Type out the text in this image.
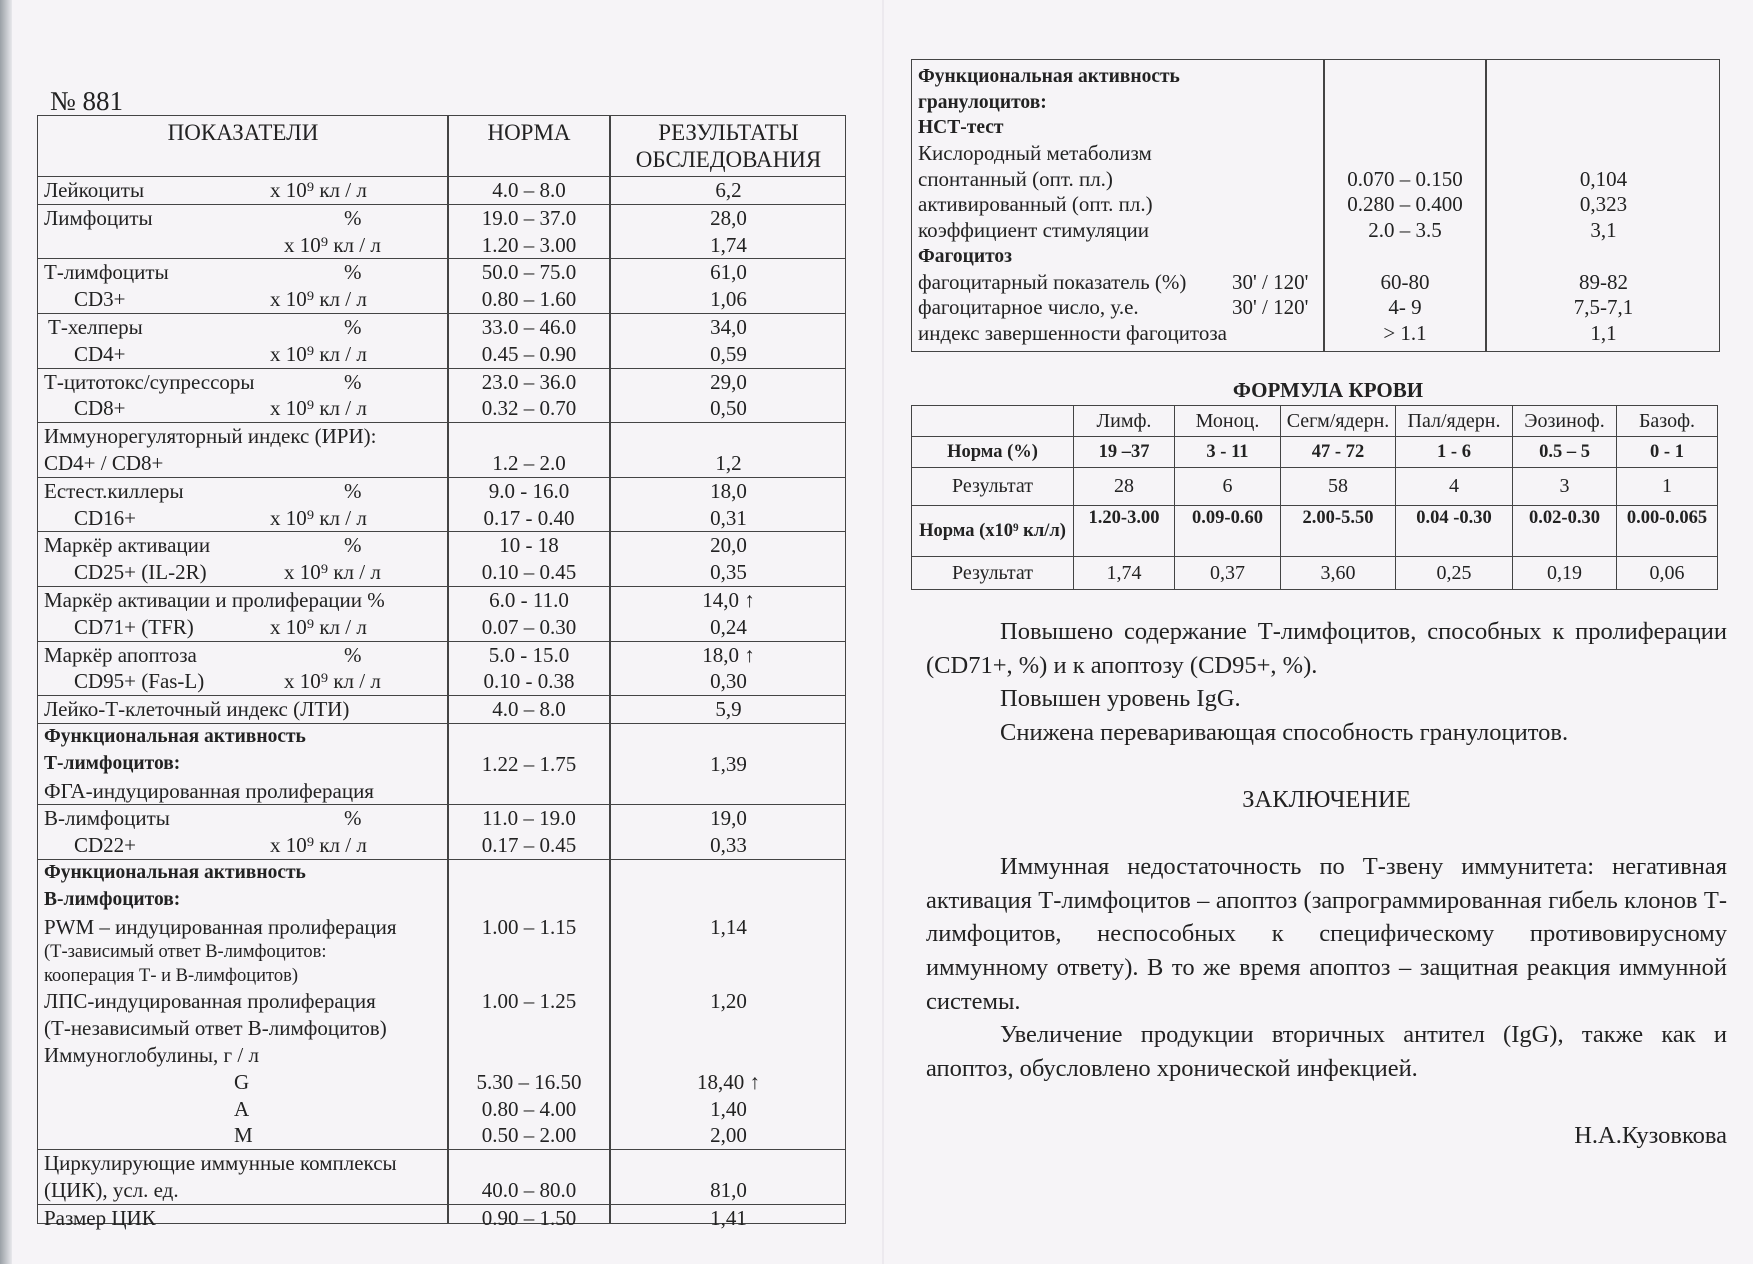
№ 881
ПОКАЗАТЕЛИ	НОРМА	РЕЗУЛЬТАТЫ
ОБСЛЕДОВАНИЯ
Лейкоциты	x 10⁹ кл / л	4.0 – 8.0	6,2
Лимфоциты	%	19.0 – 37.0	28,0
x 10⁹ кл / л	1.20 – 3.00	1,74
Т-лимфоциты	%	50.0 – 75.0	61,0
CD3+	x 10⁹ кл / л	0.80 – 1.60	1,06
Т-хелперы	%	33.0 – 46.0	34,0
CD4+	x 10⁹ кл / л	0.45 – 0.90	0,59
Т-цитотокс/супрессоры	%	23.0 – 36.0	29,0
CD8+	x 10⁹ кл / л	0.32 – 0.70	0,50
Иммунорегуляторный индекс (ИРИ):
CD4+ / CD8+	1.2 – 2.0	1,2
Естест.киллеры	%	9.0 - 16.0	18,0
CD16+	x 10⁹ кл / л	0.17 - 0.40	0,31
Маркёр активации	%	10 - 18	20,0
CD25+ (IL-2R)	x 10⁹ кл / л	0.10 – 0.45	0,35
Маркёр активации и пролиферации %	6.0 - 11.0	14,0 ↑
CD71+ (TFR)	x 10⁹ кл / л	0.07 – 0.30	0,24
Маркёр апоптоза	%	5.0 - 15.0	18,0 ↑
CD95+ (Fas-L)	x 10⁹ кл / л	0.10 - 0.38	0,30
Лейко-Т-клеточный индекс (ЛТИ)	4.0 – 8.0	5,9
Функциональная активность
Т-лимфоцитов:	1.22 – 1.75	1,39
ФГА-индуцированная пролиферация
В-лимфоциты	%	11.0 – 19.0	19,0
CD22+	x 10⁹ кл / л	0.17 – 0.45	0,33
Функциональная активность
В-лимфоцитов:
PWM – индуцированная пролиферация	1.00 – 1.15	1,14
(Т-зависимый ответ В-лимфоцитов:
кооперация Т- и В-лимфоцитов)
ЛПС-индуцированная пролиферация	1.00 – 1.25	1,20
(Т-независимый ответ В-лимфоцитов)
Иммуноглобулины, г / л
G	5.30 – 16.50	18,40 ↑
A	0.80 – 4.00	1,40
M	0.50 – 2.00	2,00
Циркулирующие иммунные комплексы
(ЦИК), усл. ед.	40.0 – 80.0	81,0
Размер ЦИК	0.90 – 1.50	1,41
Функциональная активность
гранулоцитов:
НСТ-тест
Кислородный метаболизм
спонтанный (опт. пл.)	0.070 – 0.150	0,104
активированный (опт. пл.)	0.280 – 0.400	0,323
коэффициент стимуляции	2.0 – 3.5	3,1
Фагоцитоз
фагоцитарный показатель (%) 30' / 120'	60-80	89-82
фагоцитарное число, у.е.	30' / 120'	4- 9	7,5-7,1
индекс завершенности фагоцитоза	> 1.1	1,1
ФОРМУЛА КРОВИ
	Лимф.	Моноц.	Сегм/ядерн.	Пал/ядерн.	Эозиноф.	Базоф.
Норма (%)	19 –37	3 - 11	47 - 72	1 - 6	0.5 – 5	0 - 1
Результат	28	6	58	4	3	1
Норма (x10⁹ кл/л)	1.20-3.00	0.09-0.60	2.00-5.50	0.04 -0.30	0.02-0.30	0.00-0.065
Результат	1,74	0,37	3,60	0,25	0,19	0,06

Повышено содержание Т-лимфоцитов, способных к пролиферации (CD71+, %) и к апоптозу (CD95+, %).

Повышен уровень IgG.

Снижена переваривающая способность гранулоцитов.

ЗАКЛЮЧЕНИЕ

Иммунная недостаточность по Т-звену иммунитета: негативная активация Т-лимфоцитов – апоптоз (запрограммированная гибель клонов Т-лимфоцитов, неспособных к специфическому противовирусному иммунному ответу). В то же время апоптоз – защитная реакция иммунной системы.

Увеличение продукции вторичных антител (IgG), также как и апоптоз, обусловлено хронической инфекцией.

Н.А.Кузовкова
